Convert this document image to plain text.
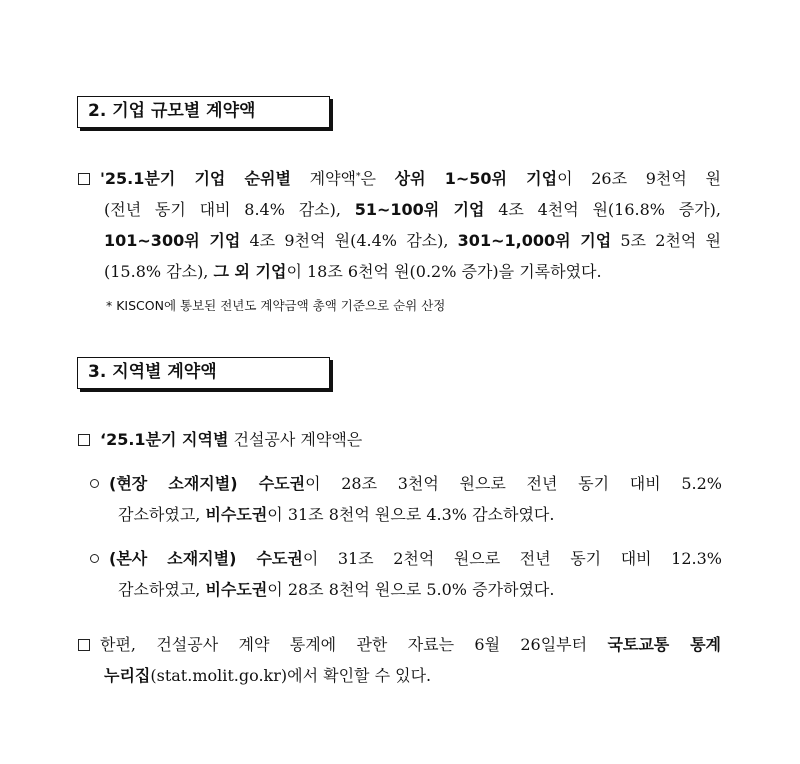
2. 기업 규모별 계약액
'25.1분기 기업 순위별 계약액*은 상위 1~50위 기업이 26조 9천억 원
(전년 동기 대비 8.4% 감소), 51~100위 기업 4조 4천억 원(16.8% 증가),
101~300위 기업 4조 9천억 원(4.4% 감소), 301~1,000위 기업 5조 2천억 원
(15.8% 감소), 그 외 기업이 18조 6천억 원(0.2% 증가)을 기록하였다.
* KISCON에 통보된 전년도 계약금액 총액 기준으로 순위 산정
3. 지역별 계약액
‘25.1분기 지역별 건설공사 계약액은
(현장 소재지별) 수도권이 28조 3천억 원으로 전년 동기 대비 5.2%
감소하였고, 비수도권이 31조 8천억 원으로 4.3% 감소하였다.
(본사 소재지별) 수도권이 31조 2천억 원으로 전년 동기 대비 12.3%
감소하였고, 비수도권이 28조 8천억 원으로 5.0% 증가하였다.
한편, 건설공사 계약 통계에 관한 자료는 6월 26일부터 국토교통 통계
누리집(stat.molit.go.kr)에서 확인할 수 있다.
